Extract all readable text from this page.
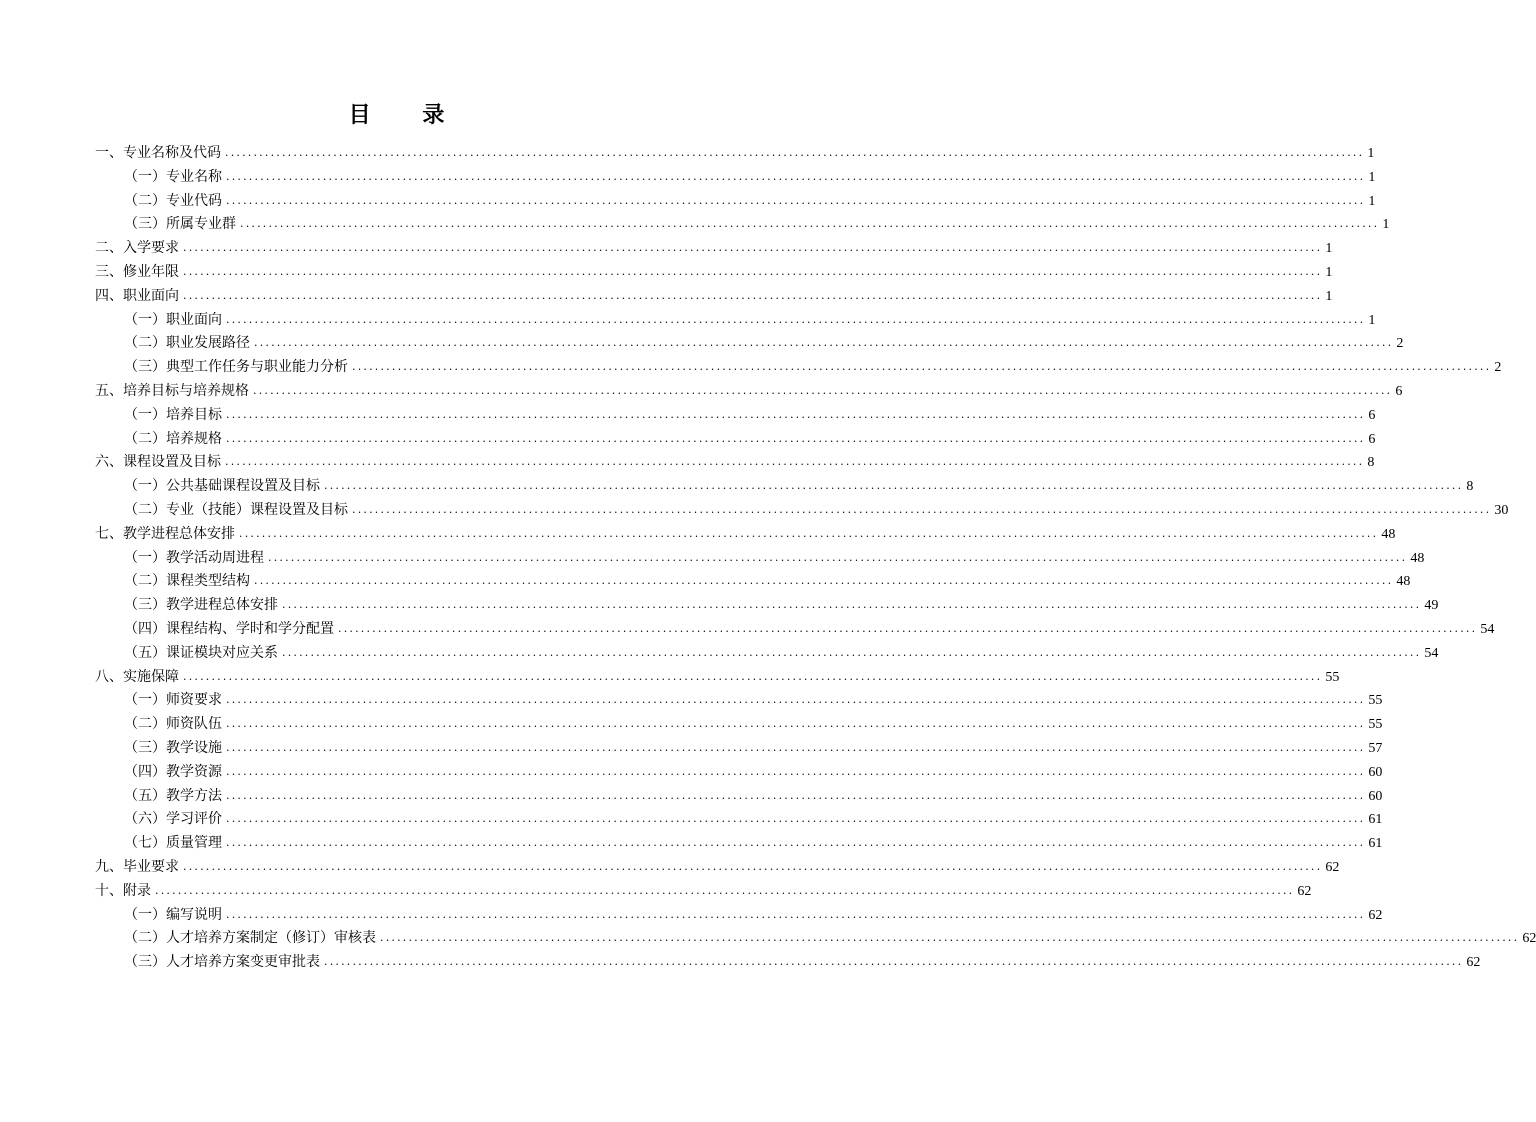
目 录
一、专业名称及代码 ........................................................................................................................................................................................................ 1
（一）专业名称 ........................................................................................................................................................................................................ 1
（二）专业代码 ........................................................................................................................................................................................................ 1
（三）所属专业群 ........................................................................................................................................................................................................ 1
二、入学要求 ........................................................................................................................................................................................................ 1
三、修业年限 ........................................................................................................................................................................................................ 1
四、职业面向 ........................................................................................................................................................................................................ 1
（一）职业面向 ........................................................................................................................................................................................................ 1
（二）职业发展路径 ........................................................................................................................................................................................................ 2
（三）典型工作任务与职业能力分析 ........................................................................................................................................................................................................ 2
五、培养目标与培养规格 ........................................................................................................................................................................................................ 6
（一）培养目标 ........................................................................................................................................................................................................ 6
（二）培养规格 ........................................................................................................................................................................................................ 6
六、课程设置及目标 ........................................................................................................................................................................................................ 8
（一）公共基础课程设置及目标 ........................................................................................................................................................................................................ 8
（二）专业（技能）课程设置及目标 ........................................................................................................................................................................................................ 30
七、教学进程总体安排 ........................................................................................................................................................................................................ 48
（一）教学活动周进程 ........................................................................................................................................................................................................ 48
（二）课程类型结构 ........................................................................................................................................................................................................ 48
（三）教学进程总体安排 ........................................................................................................................................................................................................ 49
（四）课程结构、学时和学分配置 ........................................................................................................................................................................................................ 54
（五）课证模块对应关系 ........................................................................................................................................................................................................ 54
八、实施保障 ........................................................................................................................................................................................................ 55
（一）师资要求 ........................................................................................................................................................................................................ 55
（二）师资队伍 ........................................................................................................................................................................................................ 55
（三）教学设施 ........................................................................................................................................................................................................ 57
（四）教学资源 ........................................................................................................................................................................................................ 60
（五）教学方法 ........................................................................................................................................................................................................ 60
（六）学习评价 ........................................................................................................................................................................................................ 61
（七）质量管理 ........................................................................................................................................................................................................ 61
九、毕业要求 ........................................................................................................................................................................................................ 62
十、附录 ........................................................................................................................................................................................................ 62
（一）编写说明 ........................................................................................................................................................................................................ 62
（二）人才培养方案制定（修订）审核表 ........................................................................................................................................................................................................ 62
（三）人才培养方案变更审批表 ........................................................................................................................................................................................................ 62
